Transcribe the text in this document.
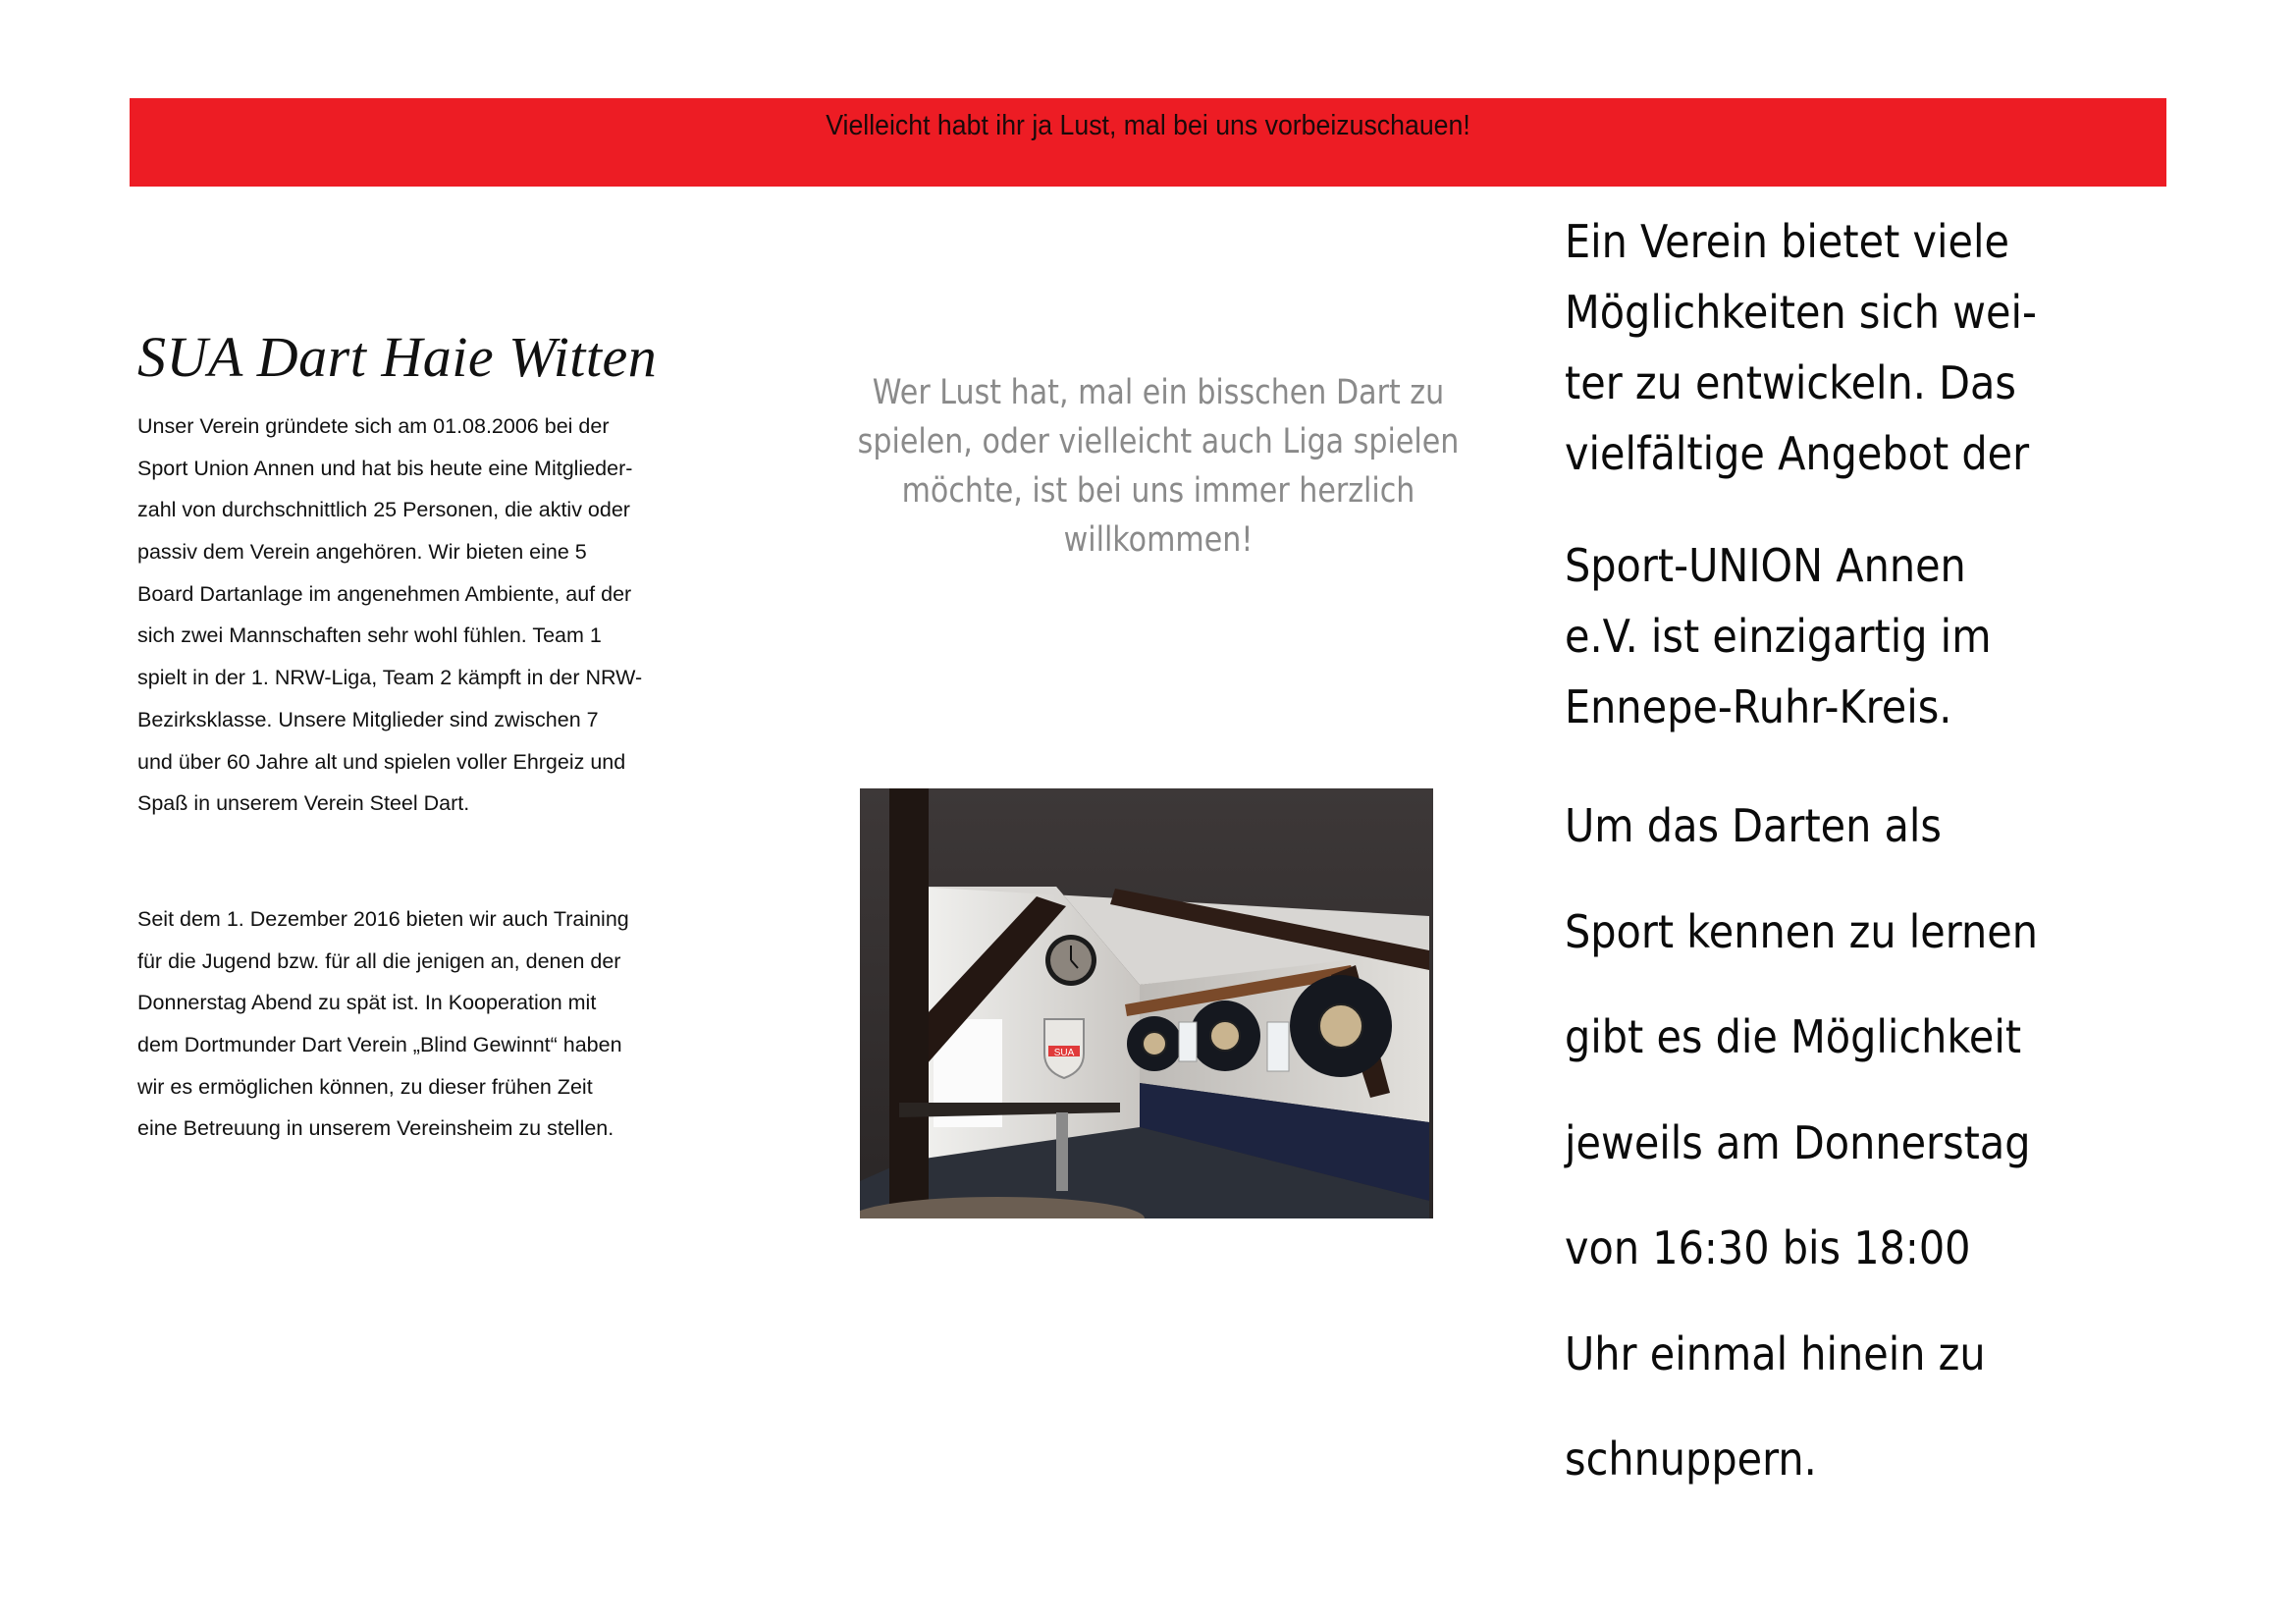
Vielleicht habt ihr ja Lust, mal bei uns vorbeizuschauen!
SUA Dart Haie Witten
Unser Verein gründete sich am 01.08.2006 bei der
Sport Union Annen und hat bis heute eine Mitglieder-
zahl von durchschnittlich 25 Personen, die aktiv oder
passiv dem Verein angehören. Wir bieten eine 5
Board Dartanlage im angenehmen Ambiente, auf der
sich zwei Mannschaften sehr wohl fühlen. Team 1
spielt in der 1. NRW-Liga, Team 2 kämpft in der NRW-
Bezirksklasse. Unsere Mitglieder sind zwischen 7
und über 60 Jahre alt und spielen voller Ehrgeiz und
Spaß in unserem Verein Steel Dart.
Seit dem 1. Dezember 2016 bieten wir auch Training
für die Jugend bzw. für all die jenigen an, denen der
Donnerstag Abend zu spät ist. In Kooperation mit
dem Dortmunder Dart Verein „Blind Gewinnt“ haben
wir es ermöglichen können, zu dieser frühen Zeit
eine Betreuung in unserem Vereinsheim zu stellen.
Wer Lust hat, mal ein bisschen Dart zu
spielen, oder vielleicht auch Liga spielen
möchte, ist bei uns immer herzlich
willkommen!
SUA
Ein Verein bietet viele
Möglichkeiten sich wei-
ter zu entwickeln. Das
vielfältige Angebot der
Sport-UNION Annen
e.V. ist einzigartig im
Ennepe-Ruhr-Kreis.
Um das Darten als
Sport kennen zu lernen
gibt es die Möglichkeit
jeweils am Donnerstag
von 16:30 bis 18:00
Uhr einmal hinein zu
schnuppern.
